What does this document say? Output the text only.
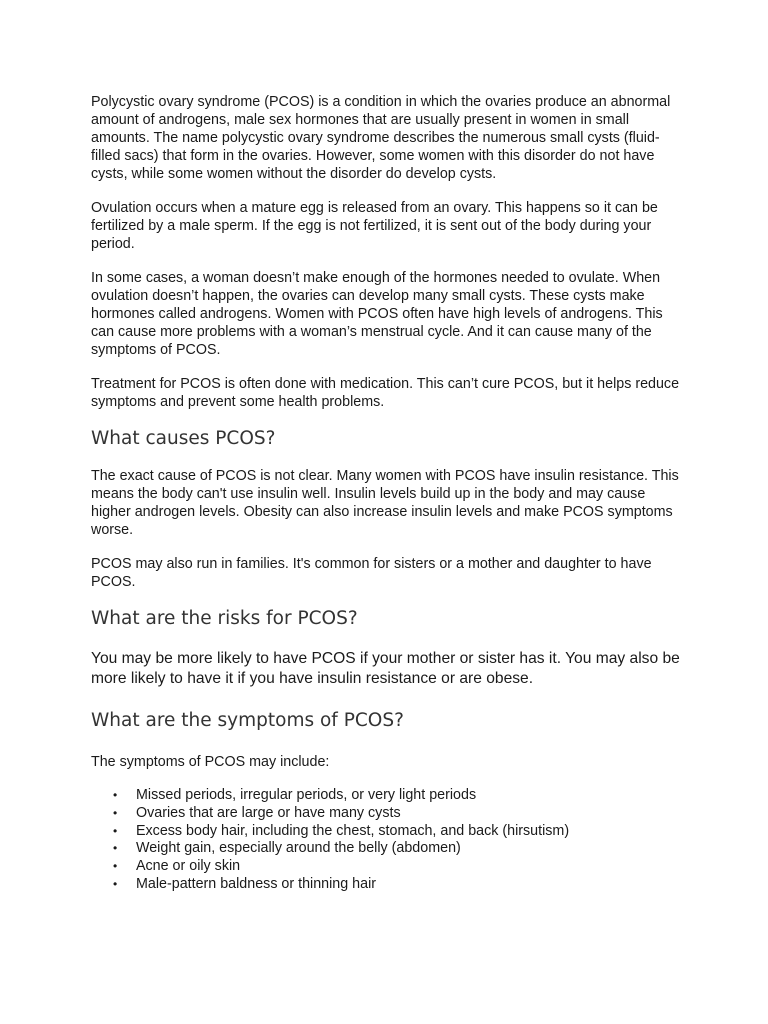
Polycystic ovary syndrome (PCOS) is a condition in which the ovaries produce an abnormal amount of androgens, male sex hormones that are usually present in women in small amounts. The name polycystic ovary syndrome describes the numerous small cysts (fluid-filled sacs) that form in the ovaries. However, some women with this disorder do not have cysts, while some women without the disorder do develop cysts.

Ovulation occurs when a mature egg is released from an ovary. This happens so it can be fertilized by a male sperm. If the egg is not fertilized, it is sent out of the body during your period.

In some cases, a woman doesn’t make enough of the hormones needed to ovulate. When ovulation doesn’t happen, the ovaries can develop many small cysts. These cysts make hormones called androgens. Women with PCOS often have high levels of androgens. This can cause more problems with a woman’s menstrual cycle. And it can cause many of the symptoms of PCOS.

Treatment for PCOS is often done with medication. This can’t cure PCOS, but it helps reduce symptoms and prevent some health problems.

What causes PCOS?

The exact cause of PCOS is not clear. Many women with PCOS have insulin resistance. This means the body can't use insulin well. Insulin levels build up in the body and may cause higher androgen levels. Obesity can also increase insulin levels and make PCOS symptoms worse.

PCOS may also run in families. It's common for sisters or a mother and daughter to have PCOS.

What are the risks for PCOS?

You may be more likely to have PCOS if your mother or sister has it. You may also be more likely to have it if you have insulin resistance or are obese.

What are the symptoms of PCOS?

The symptoms of PCOS may include:

• Missed periods, irregular periods, or very light periods
• Ovaries that are large or have many cysts
• Excess body hair, including the chest, stomach, and back (hirsutism)
• Weight gain, especially around the belly (abdomen)
• Acne or oily skin
• Male-pattern baldness or thinning hair
